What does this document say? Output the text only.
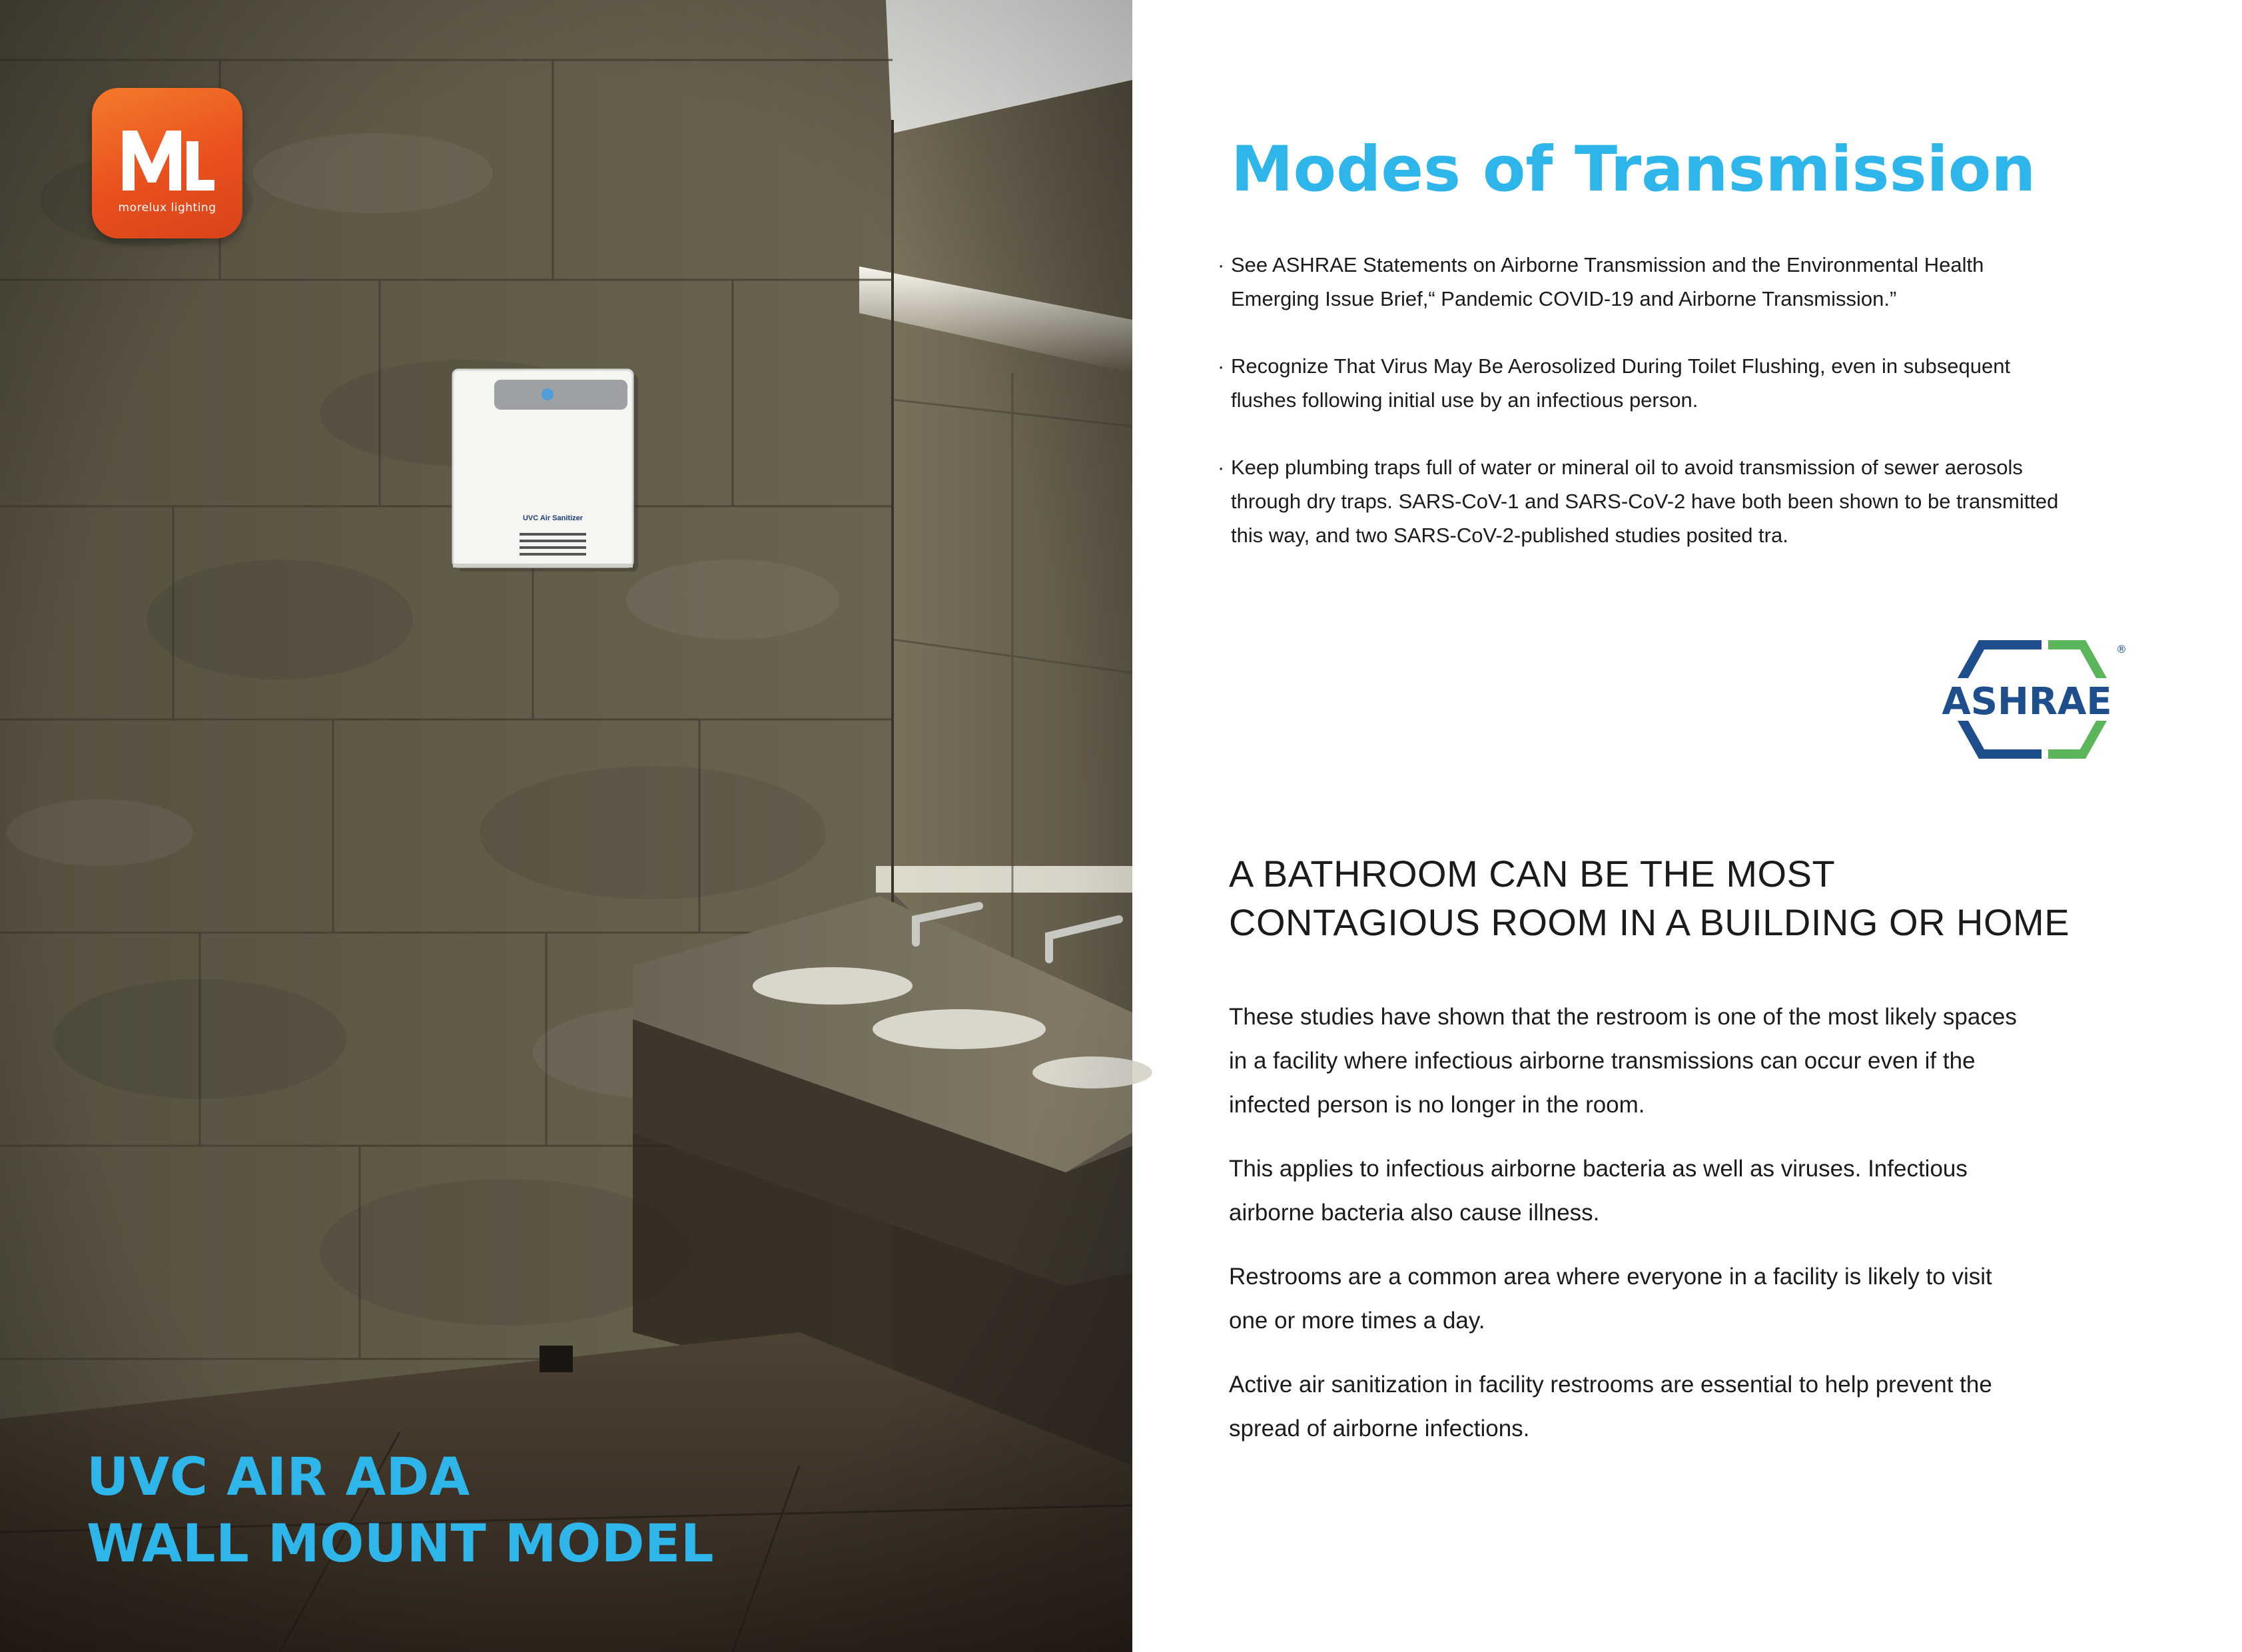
UVC Air Sanitizer
morelux lighting
UVC AIR ADA
WALL MOUNT MODEL
Modes of Transmission
· See ASHRAE Statements on Airborne Transmission and the Environmental Health
Emerging Issue Brief,“ Pandemic COVID-19 and Airborne Transmission.”
· Recognize That Virus May Be Aerosolized During Toilet Flushing, even in subsequent
flushes following initial use by an infectious person.
· Keep plumbing traps full of water or mineral oil to avoid transmission of sewer aerosols
through dry traps. SARS-CoV-1 and SARS-CoV-2 have both been shown to be transmitted
this way, and two SARS-CoV-2-published studies posited tra.
ASHRAE
®
A BATHROOM CAN BE THE MOST
CONTAGIOUS ROOM IN A BUILDING OR HOME
These studies have shown that the restroom is one of the most likely spaces
in a facility where infectious airborne transmissions can occur even if the
infected person is no longer in the room.
This applies to infectious airborne bacteria as well as viruses. Infectious
airborne bacteria also cause illness.
Restrooms are a common area where everyone in a facility is likely to visit
one or more times a day.
Active air sanitization in facility restrooms are essential to help prevent the
spread of airborne infections.
